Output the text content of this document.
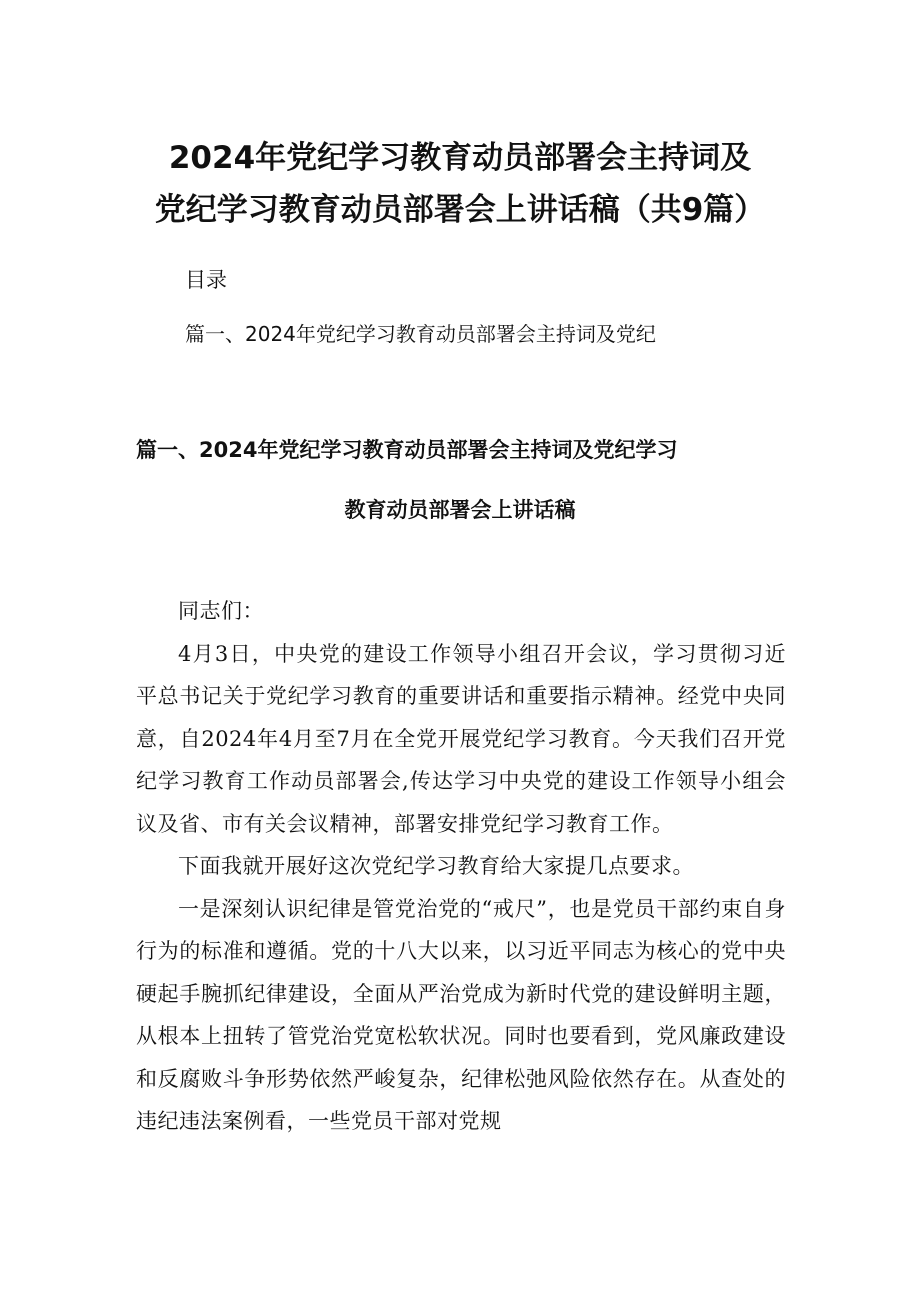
2024年党纪学习教育动员部署会主持词及
党纪学习教育动员部署会上讲话稿（共9篇）
目录
篇一、2024年党纪学习教育动员部署会主持词及党纪
篇一、2024年党纪学习教育动员部署会主持词及党纪学习
教育动员部署会上讲话稿

同志们：

4月3日，中央党的建设工作领导小组召开会议，学习贯彻习近平总书记关于党纪学习教育的重要讲话和重要指示精神。经党中央同意，自2024年4月至7月在全党开展党纪学习教育。今天我们召开党纪学习教育工作动员部署会,传达学习中央党的建设工作领导小组会议及省、市有关会议精神，部署安排党纪学习教育工作。

下面我就开展好这次党纪学习教育给大家提几点要求。

一是深刻认识纪律是管党治党的“戒尺”，也是党员干部约束自身行为的标准和遵循。党的十八大以来，以习近平同志为核心的党中央硬起手腕抓纪律建设，全面从严治党成为新时代党的建设鲜明主题，从根本上扭转了管党治党宽松软状况。同时也要看到，党风廉政建设和反腐败斗争形势依然严峻复杂，纪律松弛风险依然存在。从查处的违纪违法案例看，一些党员干部对党规
